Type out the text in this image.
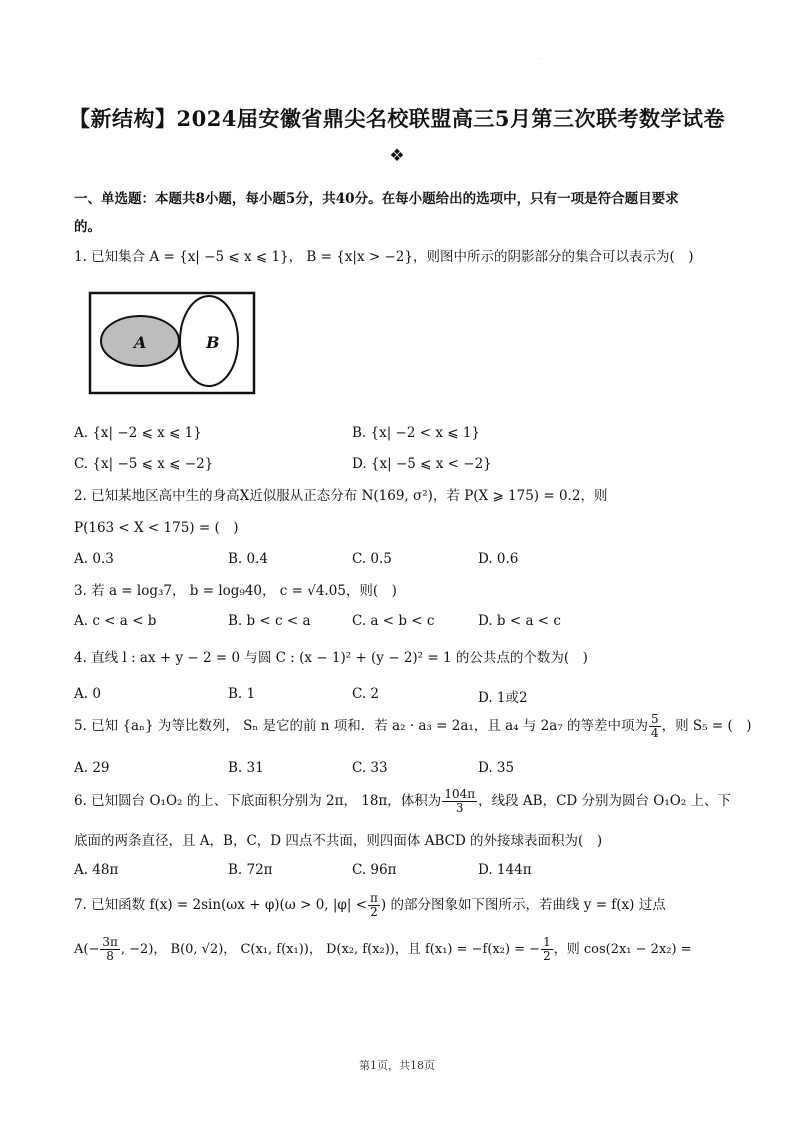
.
【新结构】2024届安徽省鼎尖名校联盟高三5月第三次联考数学试卷
❖
一、单选题：本题共8小题，每小题5分，共40分。在每小题给出的选项中，只有一项是符合题目要求
的。
1. 已知集合 A = {x| −5 ⩽ x ⩽ 1}， B = {x|x > −2}，则图中所示的阴影部分的集合可以表示为(　)
A	B
A. {x| −2 ⩽ x ⩽ 1}	B. {x| −2 < x ⩽ 1}
C. {x| −5 ⩽ x ⩽ −2}	D. {x| −5 ⩽ x < −2}
2. 已知某地区高中生的身高X近似服从正态分布 N(169, σ²)，若 P(X ⩾ 175) = 0.2，则
P(163 < X < 175) = (　)
A. 0.3	B. 0.4	C. 0.5	D. 0.6
3. 若 a = log₃7， b = log₉40， c = √4.05，则(　)
A. c < a < b	B. b < c < a	C. a < b < c	D. b < a < c
4. 直线 l : ax + y − 2 = 0 与圆 C : (x − 1)² + (y − 2)² = 1 的公共点的个数为(　)
A. 0	B. 1	C. 2	D. 1或2
5. 已知 {aₙ} 为等比数列， Sₙ 是它的前 n 项和．若 a₂ · a₃ = 2a₁，且 a₄ 与 2a₇ 的等差中项为 $\frac{5}{4}$ ，则 S₅ = (　)
A. 29	B. 31	C. 33	D. 35
6. 已知圆台 O₁O₂ 的上、下底面积分别为 2π， 18π，体积为 $\frac{104\pi}{3}$ ，线段 AB，CD 分别为圆台 O₁O₂ 上、下
底面的两条直径，且 A，B，C，D 四点不共面，则四面体 ABCD 的外接球表面积为(　)
A. 48π	B. 72π	C. 96π	D. 144π
7. 已知函数 f(x) = 2sin(ωx + φ)(ω > 0, $|\varphi| < \frac{\pi}{2}$ ) 的部分图象如下图所示，若曲线 y = f(x) 过点
$A(- \frac{3\pi}{8}$ , −2)， B(0, √2)， C(x₁, f(x₁))， D(x₂, f(x₂))，且 f(x₁) = −f(x₂) = − $\frac{1}{2}$ ，则 cos(2x₁ − 2x₂) =
第1页，共18页
